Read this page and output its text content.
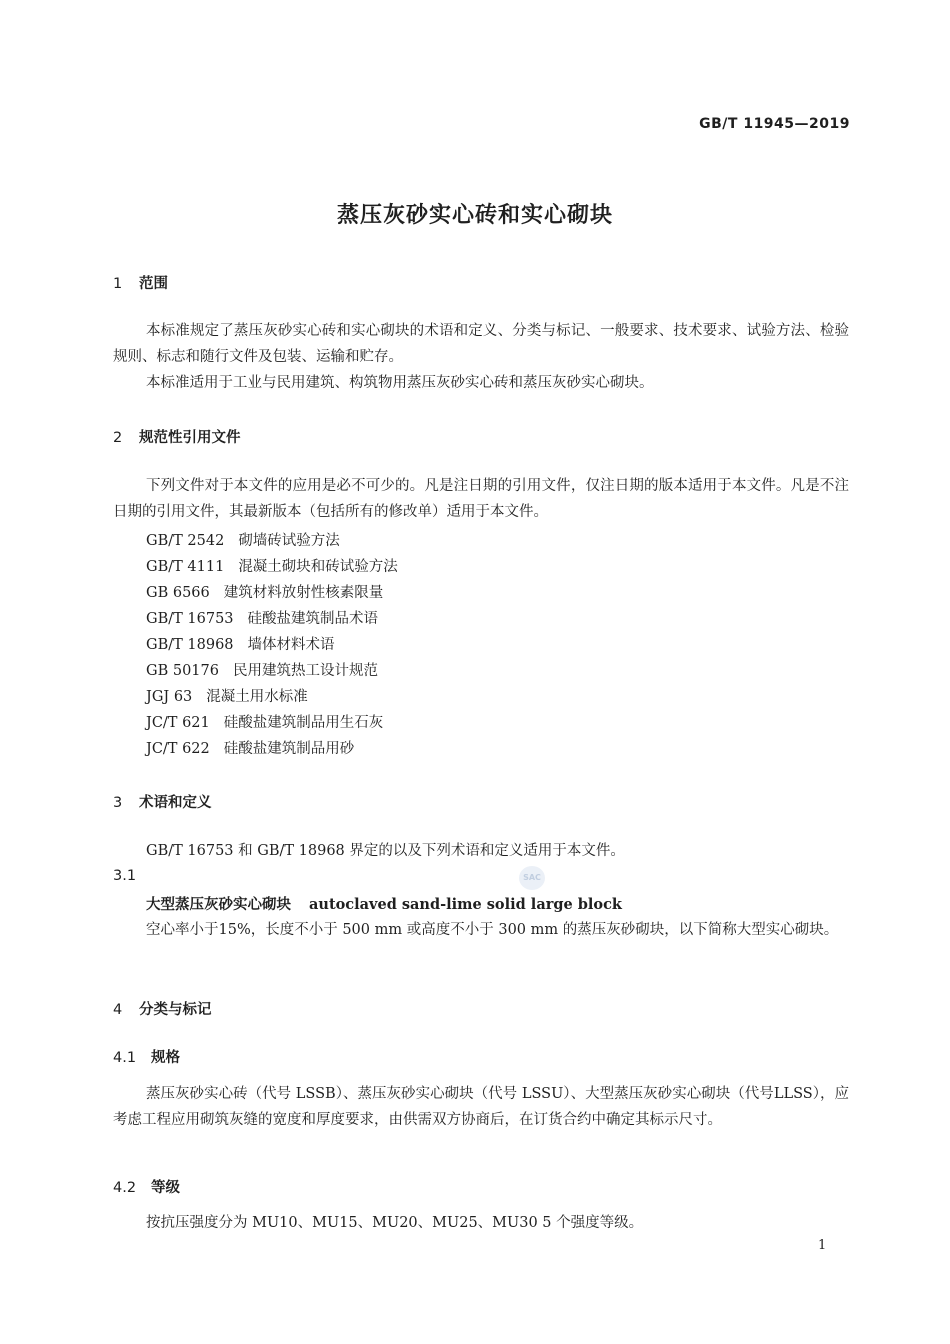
GB/T 11945—2019
蒸压灰砂实心砖和实心砌块
1 范围
本标准规定了蒸压灰砂实心砖和实心砌块的术语和定义、分类与标记、一般要求、技术要求、试验方法、检验规则、标志和随行文件及包装、运输和贮存。
本标准适用于工业与民用建筑、构筑物用蒸压灰砂实心砖和蒸压灰砂实心砌块。
2 规范性引用文件
下列文件对于本文件的应用是必不可少的。凡是注日期的引用文件，仅注日期的版本适用于本文件。凡是不注日期的引用文件，其最新版本（包括所有的修改单）适用于本文件。
GB/T 2542 砌墙砖试验方法
GB/T 4111 混凝土砌块和砖试验方法
GB 6566 建筑材料放射性核素限量
GB/T 16753 硅酸盐建筑制品术语
GB/T 18968 墙体材料术语
GB 50176 民用建筑热工设计规范
JGJ 63 混凝土用水标准
JC/T 621 硅酸盐建筑制品用生石灰
JC/T 622 硅酸盐建筑制品用砂
3 术语和定义
GB/T 16753 和 GB/T 18968 界定的以及下列术语和定义适用于本文件。
3.1	SAC
大型蒸压灰砂实心砌块 autoclaved sand-lime solid large block
空心率小于15%，长度不小于 500 mm 或高度不小于 300 mm 的蒸压灰砂砌块，以下简称大型实心砌块。
4 分类与标记
4.1 规格
蒸压灰砂实心砖（代号 LSSB）、蒸压灰砂实心砌块（代号 LSSU）、大型蒸压灰砂实心砌块（代号LLSS），应考虑工程应用砌筑灰缝的宽度和厚度要求，由供需双方协商后，在订货合约中确定其标示尺寸。
4.2 等级
按抗压强度分为 MU10、MU15、MU20、MU25、MU30 5 个强度等级。
1
